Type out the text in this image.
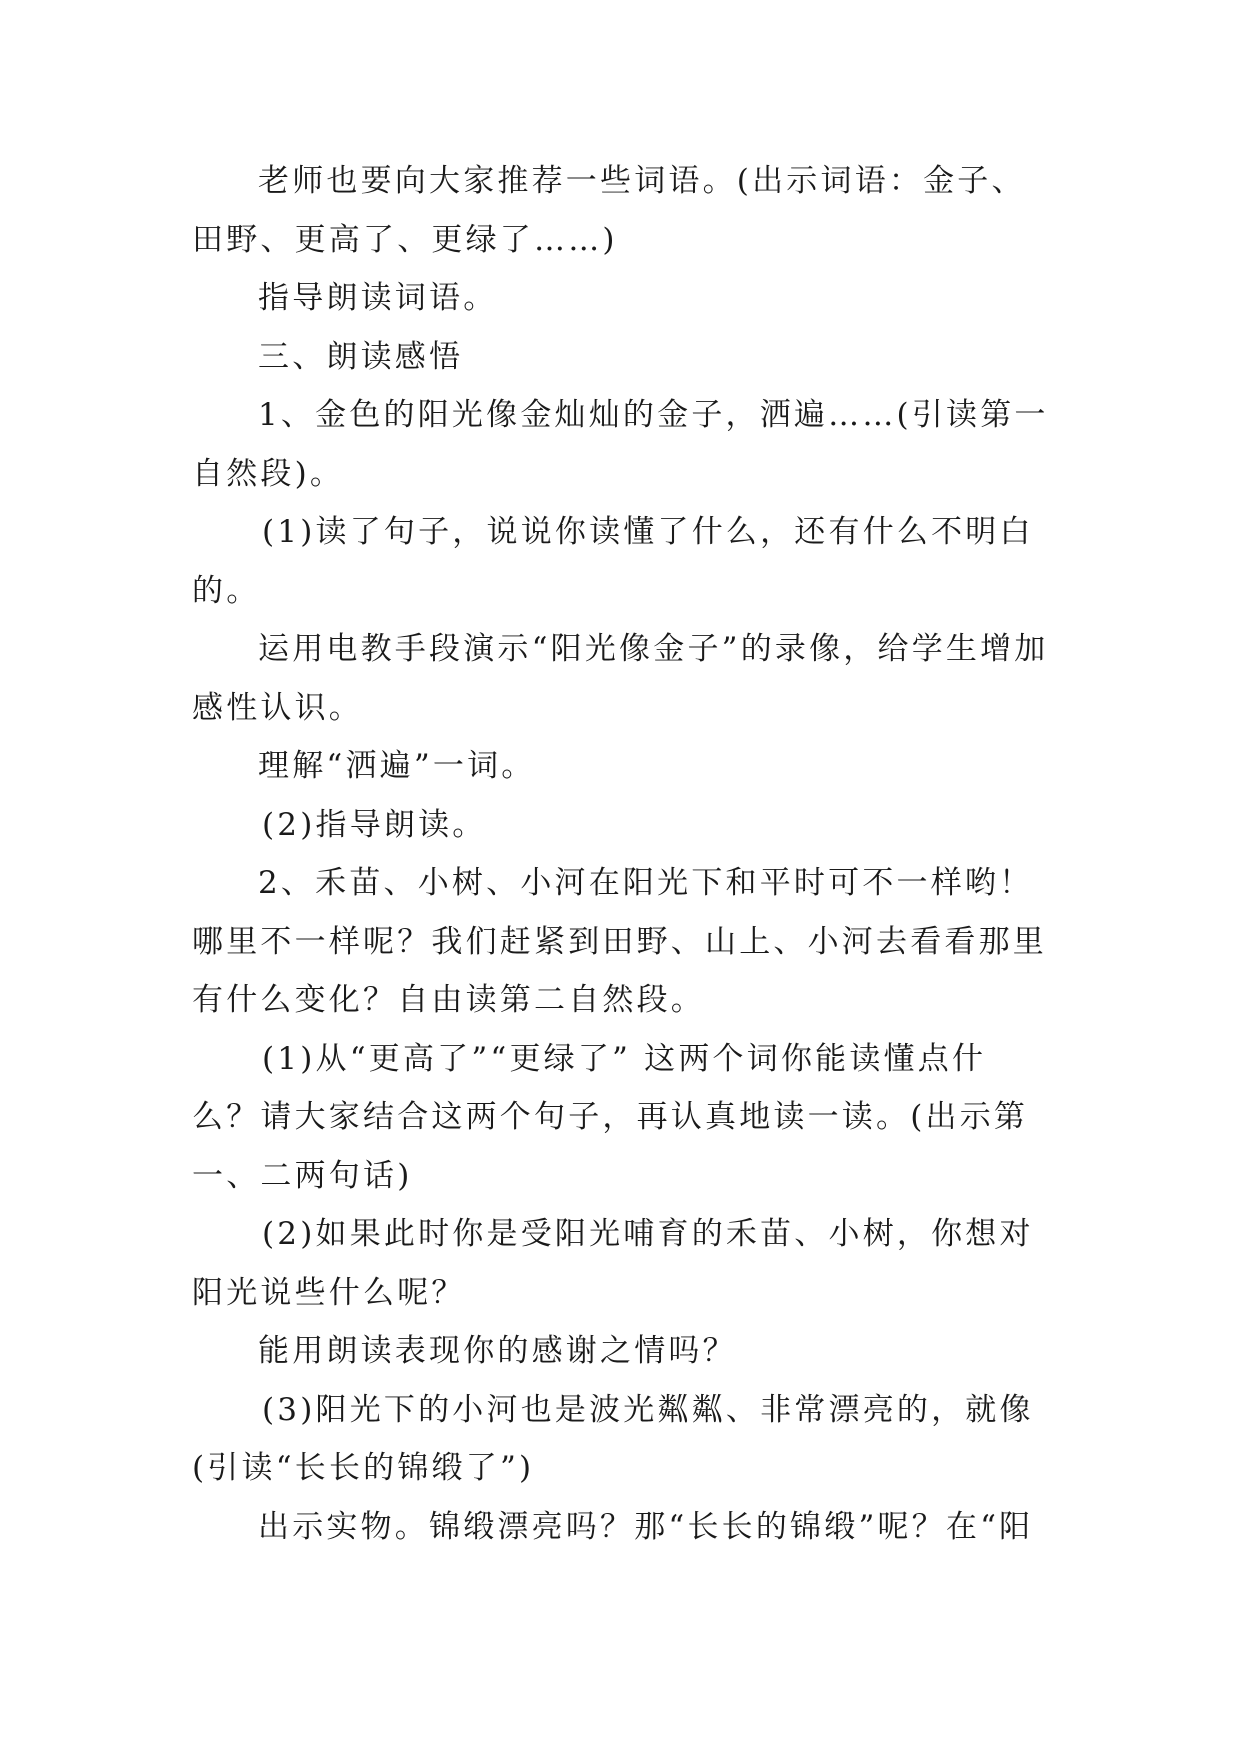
老师也要向大家推荐一些词语。(出示词语：金子、田野、更高了、更绿了……)

指导朗读词语。

三、朗读感悟

1、金色的阳光像金灿灿的金子，洒遍……(引读第一自然段)。

(1)读了句子，说说你读懂了什么，还有什么不明白的。

运用电教手段演示“阳光像金子”的录像，给学生增加感性认识。

理解“洒遍”一词。

(2)指导朗读。

2、禾苗、小树、小河在阳光下和平时可不一样哟！哪里不一样呢？我们赶紧到田野、山上、小河去看看那里有什么变化？自由读第二自然段。

(1)从“更高了”“更绿了” 这两个词你能读懂点什么？请大家结合这两个句子，再认真地读一读。(出示第一、二两句话)

(2)如果此时你是受阳光哺育的禾苗、小树，你想对阳光说些什么呢？

能用朗读表现你的感谢之情吗？

(3)阳光下的小河也是波光粼粼、非常漂亮的，就像(引读“长长的锦缎了”)

出示实物。锦缎漂亮吗？那“长长的锦缎”呢？在“阳
